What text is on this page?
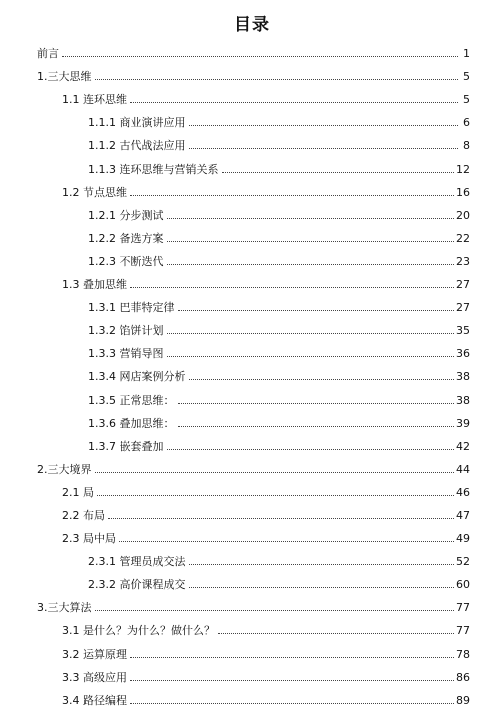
目录
前言	1
1.三大思维	5
1.1 连环思维	5
1.1.1 商业演讲应用	6
1.1.2 古代战法应用	8
1.1.3 连环思维与营销关系	12
1.2 节点思维	16
1.2.1 分步测试	20
1.2.2 备选方案	22
1.2.3 不断迭代	23
1.3 叠加思维	27
1.3.1 巴菲特定律	27
1.3.2 馅饼计划	35
1.3.3 营销导图	36
1.3.4 网店案例分析	38
1.3.5 正常思维：	38
1.3.6 叠加思维：	39
1.3.7 嵌套叠加	42
2.三大境界	44
2.1 局	46
2.2 布局	47
2.3 局中局	49
2.3.1 管理员成交法	52
2.3.2 高价课程成交	60
3.三大算法	77
3.1 是什么？为什么？做什么？	77
3.2 运算原理	78
3.3 高级应用	86
3.4 路径编程	89
